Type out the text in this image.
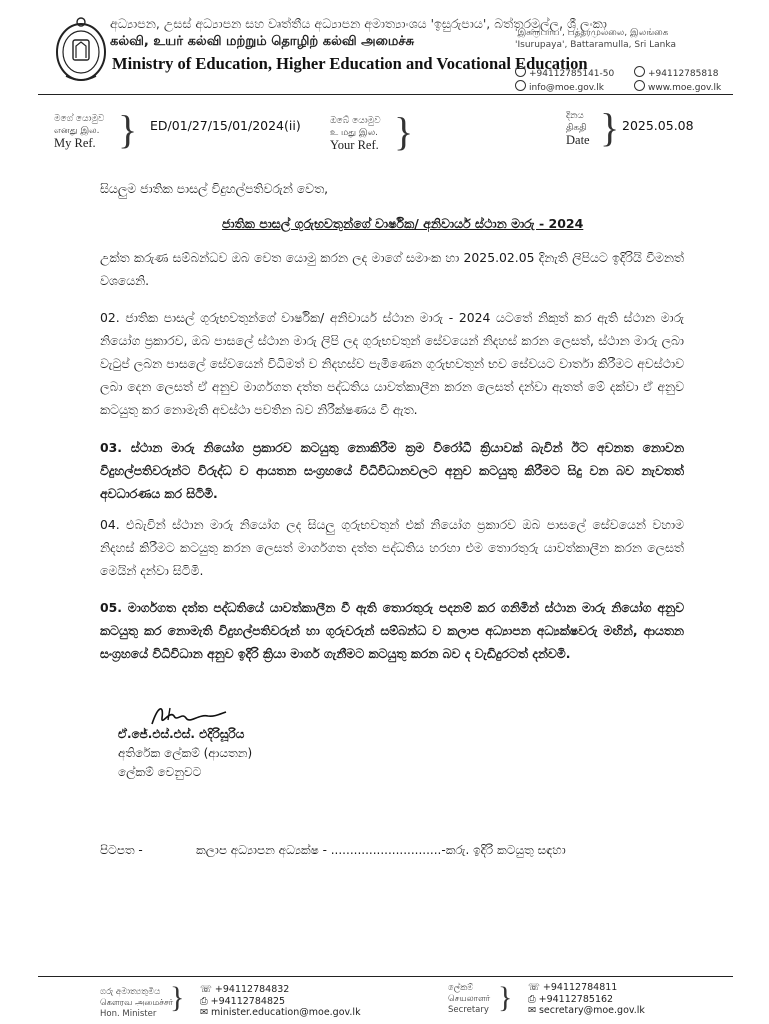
අධ්‍යාපන, උසස් අධ්‍යාපන සහ වෘත්තීය අධ්‍යාපන අමාත්‍යාංශය 'ඉසුරුපාය', බත්තරමුල්ල, ශ්‍රී ලංකා
கல்வி, உயர் கல்வி மற்றும் தொழிற் கல்வி அமைச்சு
Ministry of Education, Higher Education and Vocational Education
'இசுருபாய', பத்தரமுல்லை, இலங்கை
'Isurupaya', Battaramulla, Sri Lanka
+94112785141-50	+94112785818
info@moe.gov.lk	www.moe.gov.lk
මගේ යොමුව
எனது இல.
My Ref. } ED/01/27/15/01/2024(ii)	ඔබේ යොමුව
உ மது இல.
Your Ref. }	දිනය
திகதி
Date } 2025.05.08
සියලුම ජාතික පාසල් විදුහල්පතිවරුන් වෙත,
ජාතික පාසල් ගුරුභවතුන්ගේ වාර්ෂික/ අනිවාර්ය ස්ථාන මාරු - 2024
උක්ත කරුණ සම්බන්ධව ඔබ වෙත යොමු කරන ලද මාගේ සමාංක හා 2025.02.05 දිනැති ලිපියට ඉදිරියි වීමනත් වශයෙනි.
02. ජාතික පාසල් ගුරුභවතුන්ගේ වාර්ෂික/ අනිවාර්ය ස්ථාන මාරු - 2024 යටතේ නිකුත් කර ඇති ස්ථාන මාරු නියෝග ප්‍රකාරව, ඔබ පාසලේ ස්ථාන මාරු ලිපි ලද ගුරුභවතුන් සේවයෙන් නිදහස් කරන ලෙසත්, ස්ථාන මාරු ලබා වැටුප් ලබන පාසලේ සේවයෙන් විධිමත් ව නිදහස්ව පැමිණෙන ගුරුභවතුන් භව සේවයට වාර්තා කිරීමට අවස්ථාව ලබා දෙන ලෙසත් ඒ අනුව මාර්ගගත දත්ත පද්ධතිය යාවත්කාලීන කරන ලෙසත් දන්වා ඇතත් මේ දක්වා ඒ අනුව කටයුතු කර නොමැති අවස්ථා පවතින බව නිරීක්ෂණය වී ඇත.
03. ස්ථාන මාරු නියෝග ප්‍රකාරව කටයුතු නොකිරීම ක්‍රම විරෝධී ක්‍රියාවක් බැවින් ඊට අවනත නොවන විදුහල්පතිවරුන්ට විරුද්ධ ව ආයතන සංග්‍රහයේ විධිවිධානවලට අනුව කටයුතු කිරීමට සිදු වන බව නැවතත් අවධාරණය කර සිටිමි.
04. එබැවින් ස්ථාන මාරු නියෝග ලද සියලු ගුරුභවතුන් එක් නියෝග ප්‍රකාරව ඔබ පාසලේ සේවයෙන් වහාම නිදහස් කිරීමට කටයුතු කරන ලෙසත් මාර්ගගත දත්ත පද්ධතිය හරහා එම තොරතුරු යාවත්කාලීන කරන ලෙසත් මෙයින් දන්වා සිටිමි.
05. මාර්ගගත දත්ත පද්ධතියේ යාවත්කාලීන වී ඇති තොරතුරු පදනම් කර ගනිමින් ස්ථාන මාරු නියෝග අනුව කටයුතු කර නොමැති විදුහල්පතිවරුන් හා ගුරුවරුන් සම්බන්ධ ව කලාප අධ්‍යාපන අධ්‍යක්ෂවරු මඟින්, ආයතන සංග්‍රහයේ විධිවිධාන අනුව ඉදිරි ක්‍රියා මාර්ග ගැනීමට කටයුතු කරන බව ද වැඩිදුරටත් දන්වමි.
ඒ.ජේ.එස්.එස්. එදිරිසූරිය
අතිරේක ලේකම් (ආයතන)
ලේකම් වෙනුවට
පිටපත -	කලාප අධ්‍යාපන අධ්‍යක්ෂ - .............................-කරු. ඉදිරි කටයුතු සඳහා
ගරු අමාත්‍යතුමිය
கௌரவ அமைச்சர்
Hon. Minister } ☏ +94112784832
⎙ +94112784825
✉ minister.education@moe.gov.lk
ලේකම්
செயலாளர்
Secretary } ☏ +94112784811
⎙ +94112785162
✉ secretary@moe.gov.lk
